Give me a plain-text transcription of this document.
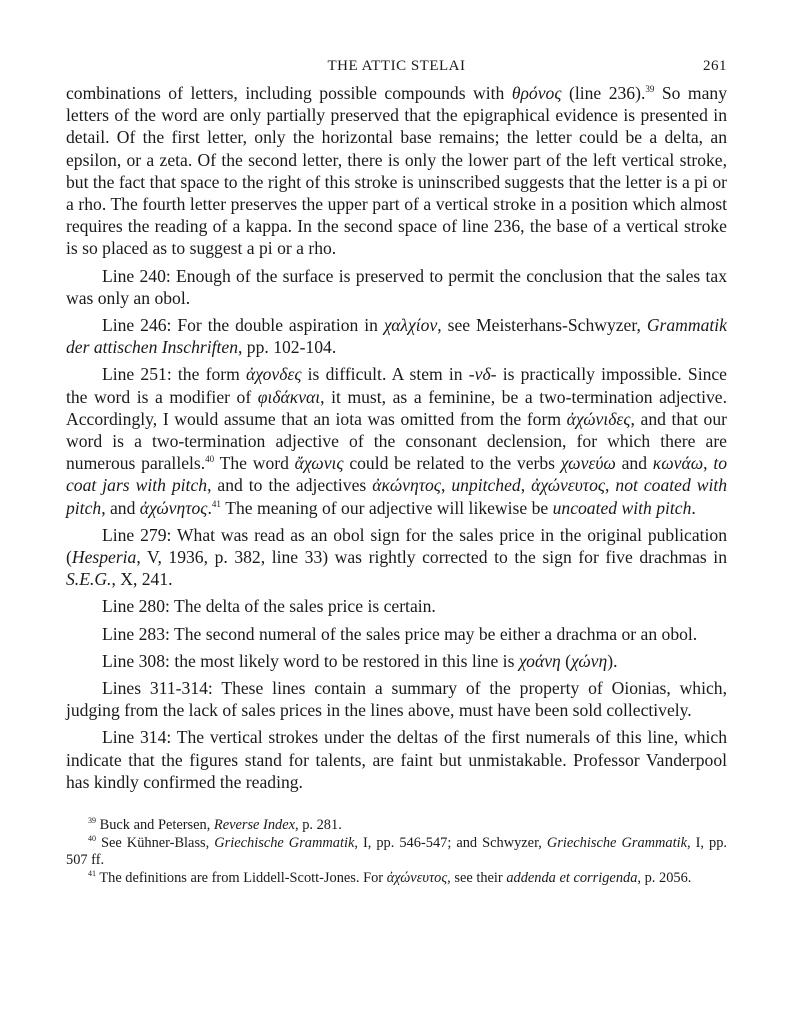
THE ATTIC STELAI	261

combinations of letters, including possible compounds with θρόνος (line 236).$^{39}$ So many letters of the word are only partially preserved that the epigraphical evidence is presented in detail. Of the first letter, only the horizontal base remains; the letter could be a delta, an epsilon, or a zeta. Of the second letter, there is only the lower part of the left vertical stroke, but the fact that space to the right of this stroke is uninscribed suggests that the letter is a pi or a rho. The fourth letter preserves the upper part of a vertical stroke in a position which almost requires the reading of a kappa. In the second space of line 236, the base of a vertical stroke is so placed as to suggest a pi or a rho.

Line 240: Enough of the surface is preserved to permit the conclusion that the sales tax was only an obol.

Line 246: For the double aspiration in χαλχίον, see Meisterhans-Schwyzer, Grammatik der attischen Inschriften, pp. 102-104.

Line 251: the form ἀχονδες is difficult. A stem in -νδ- is practically impossible. Since the word is a modifier of φιδάκναι, it must, as a feminine, be a two-termination adjective. Accordingly, I would assume that an iota was omitted from the form ἀχώνιδες, and that our word is a two-termination adjective of the consonant declension, for which there are numerous parallels.$^{40}$ The word ἄχωνις could be related to the verbs χωνεύω and κωνάω, to coat jars with pitch, and to the adjectives ἀκώνητος, unpitched, ἀχώνευτος, not coated with pitch, and ἀχώνητος.$^{41}$ The meaning of our adjective will likewise be uncoated with pitch.

Line 279: What was read as an obol sign for the sales price in the original publication (Hesperia, V, 1936, p. 382, line 33) was rightly corrected to the sign for five drachmas in S.E.G., X, 241.

Line 280: The delta of the sales price is certain.

Line 283: The second numeral of the sales price may be either a drachma or an obol.

Line 308: the most likely word to be restored in this line is χοάνη (χώνη).

Lines 311-314: These lines contain a summary of the property of Oionias, which, judging from the lack of sales prices in the lines above, must have been sold collectively.

Line 314: The vertical strokes under the deltas of the first numerals of this line, which indicate that the figures stand for talents, are faint but unmistakable. Professor Vanderpool has kindly confirmed the reading.

$^{39}$ Buck and Petersen, Reverse Index, p. 281.

$^{40}$ See Kühner-Blass, Griechische Grammatik, I, pp. 546-547; and Schwyzer, Griechische Grammatik, I, pp. 507 ff.

$^{41}$ The definitions are from Liddell-Scott-Jones. For ἀχώνευτος, see their addenda et corrigenda, p. 2056.
